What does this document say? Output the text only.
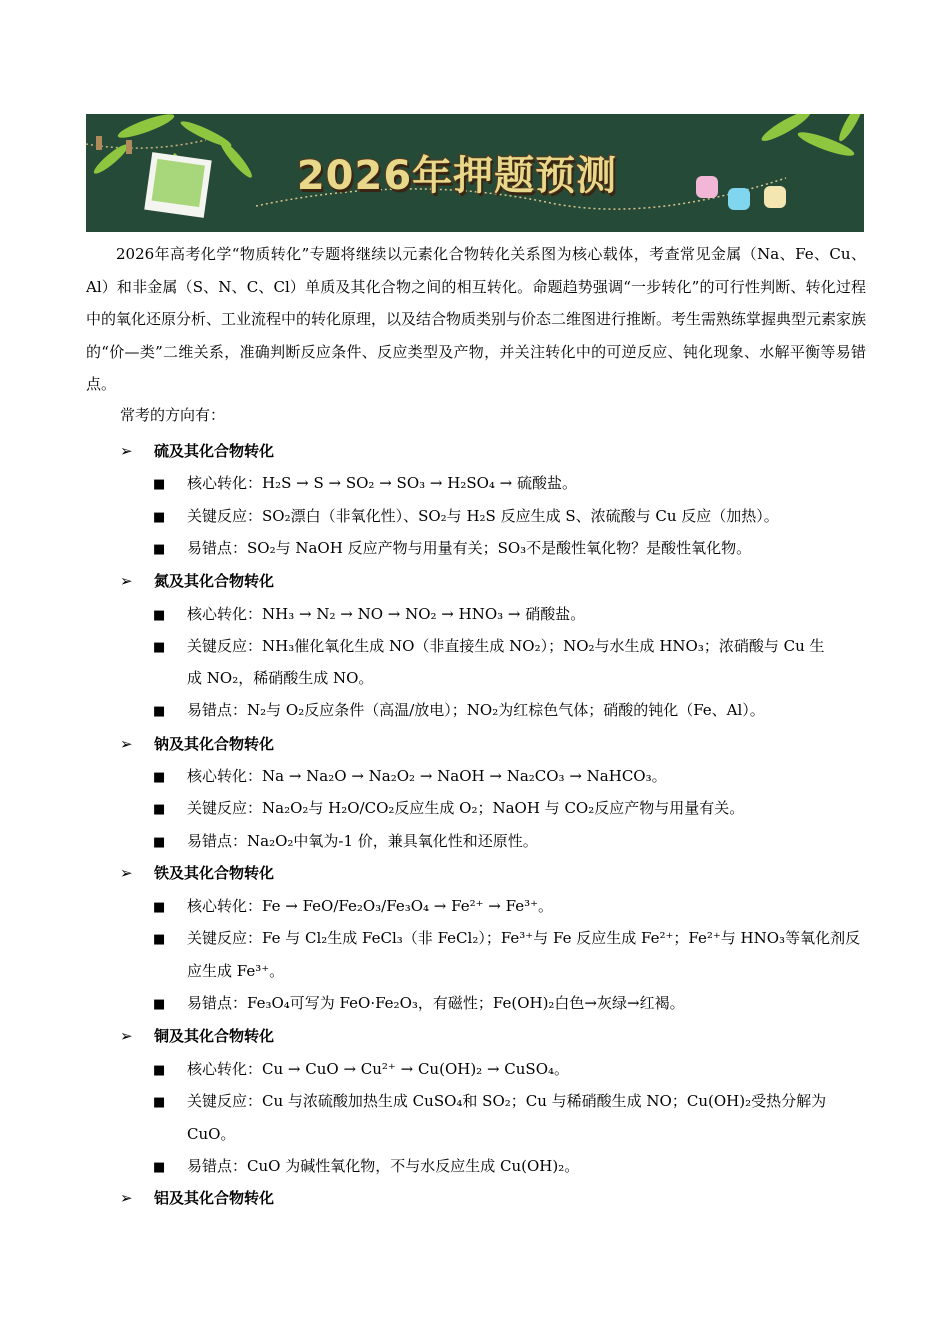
2026年押题预测
2026年高考化学“物质转化”专题将继续以元素化合物转化关系图为核心载体，考查常见金属（Na、Fe、Cu、Al）和非金属（S、N、C、Cl）单质及其化合物之间的相互转化。命题趋势强调“一步转化”的可行性判断、转化过程中的氧化还原分析、工业流程中的转化原理，以及结合物质类别与价态二维图进行推断。考生需熟练掌握典型元素家族的“价—类”二维关系，准确判断反应条件、反应类型及产物，并关注转化中的可逆反应、钝化现象、水解平衡等易错点。
常考的方向有：
➢ 硫及其化合物转化
■ 核心转化：H₂S → S → SO₂ → SO₃ → H₂SO₄ → 硫酸盐。
■ 关键反应：SO₂漂白（非氧化性）、SO₂与 H₂S 反应生成 S、浓硫酸与 Cu 反应（加热）。
■ 易错点：SO₂与 NaOH 反应产物与用量有关；SO₃不是酸性氧化物？是酸性氧化物。
➢ 氮及其化合物转化
■ 核心转化：NH₃ → N₂ → NO → NO₂ → HNO₃ → 硝酸盐。
■ 关键反应：NH₃催化氧化生成 NO（非直接生成 NO₂）；NO₂与水生成 HNO₃；浓硝酸与 Cu 生
成 NO₂，稀硝酸生成 NO。
■ 易错点：N₂与 O₂反应条件（高温/放电）；NO₂为红棕色气体；硝酸的钝化（Fe、Al）。
➢ 钠及其化合物转化
■ 核心转化：Na → Na₂O → Na₂O₂ → NaOH → Na₂CO₃ → NaHCO₃。
■ 关键反应：Na₂O₂与 H₂O/CO₂反应生成 O₂；NaOH 与 CO₂反应产物与用量有关。
■ 易错点：Na₂O₂中氧为-1 价，兼具氧化性和还原性。
➢ 铁及其化合物转化
■ 核心转化：Fe → FeO/Fe₂O₃/Fe₃O₄ → Fe²⁺ → Fe³⁺。
■ 关键反应：Fe 与 Cl₂生成 FeCl₃（非 FeCl₂）；Fe³⁺与 Fe 反应生成 Fe²⁺；Fe²⁺与 HNO₃等氧化剂反
应生成 Fe³⁺。
■ 易错点：Fe₃O₄可写为 FeO·Fe₂O₃，有磁性；Fe(OH)₂白色→灰绿→红褐。
➢ 铜及其化合物转化
■ 核心转化：Cu → CuO → Cu²⁺ → Cu(OH)₂ → CuSO₄。
■ 关键反应：Cu 与浓硫酸加热生成 CuSO₄和 SO₂；Cu 与稀硝酸生成 NO；Cu(OH)₂受热分解为
CuO。
■ 易错点：CuO 为碱性氧化物，不与水反应生成 Cu(OH)₂。
➢ 铝及其化合物转化
